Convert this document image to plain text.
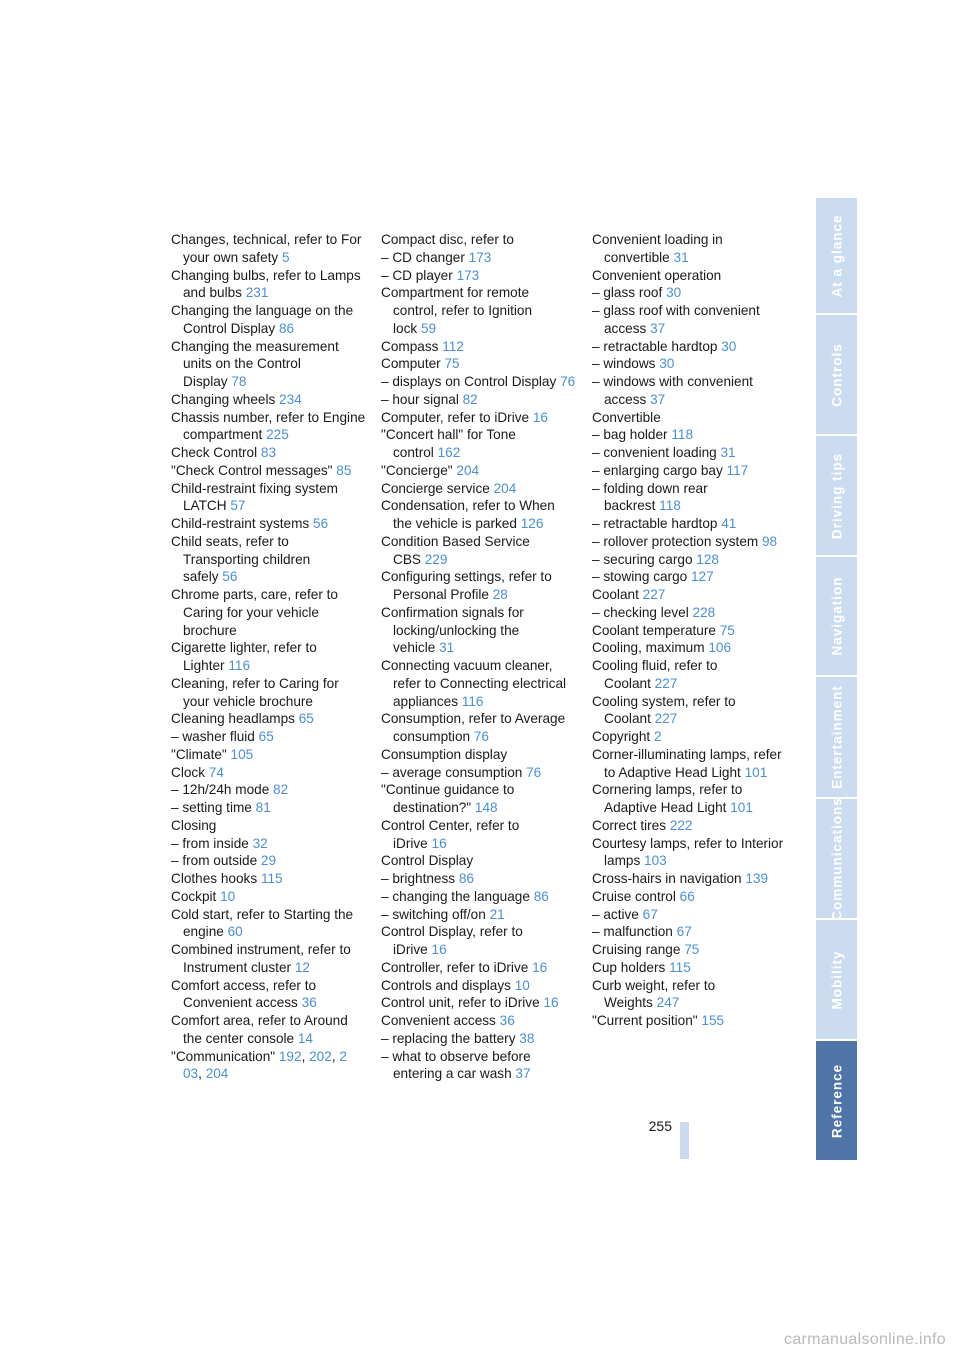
Changes, technical, refer to For your own safety 5

Changing bulbs, refer to Lamps and bulbs 231

Changing the language on the Control Display 86

Changing the measurement units on the Control Display 78

Changing wheels 234

Chassis number, refer to Engine compartment 225

Check Control 83

"Check Control messages" 85

Child-restraint fixing system LATCH 57

Child-restraint systems 56

Child seats, refer to Transporting children safely 56

Chrome parts, care, refer to Caring for your vehicle brochure

Cigarette lighter, refer to Lighter 116

Cleaning, refer to Caring for your vehicle brochure

Cleaning headlamps 65

– washer fluid 65

"Climate" 105

Clock 74

– 12h/24h mode 82

– setting time 81

Closing

– from inside 32

– from outside 29

Clothes hooks 115

Cockpit 10

Cold start, refer to Starting the engine 60

Combined instrument, refer to Instrument cluster 12

Comfort access, refer to Convenient access 36

Comfort area, refer to Around the center console 14

"Communication" 192, 202, 2 03, 204

Compact disc, refer to

– CD changer 173

– CD player 173

Compartment for remote control, refer to Ignition lock 59

Compass 112

Computer 75

– displays on Control Display 76

– hour signal 82

Computer, refer to iDrive 16

"Concert hall" for Tone control 162

"Concierge" 204

Concierge service 204

Condensation, refer to When the vehicle is parked 126

Condition Based Service CBS 229

Configuring settings, refer to Personal Profile 28

Confirmation signals for locking/unlocking the vehicle 31

Connecting vacuum cleaner, refer to Connecting electrical appliances 116

Consumption, refer to Average consumption 76

Consumption display

– average consumption 76

"Continue guidance to destination?" 148

Control Center, refer to iDrive 16

Control Display

– brightness 86

– changing the language 86

– switching off/on 21

Control Display, refer to iDrive 16

Controller, refer to iDrive 16

Controls and displays 10

Control unit, refer to iDrive 16

Convenient access 36

– replacing the battery 38

– what to observe before entering a car wash 37

Convenient loading in convertible 31

Convenient operation

– glass roof 30

– glass roof with convenient access 37

– retractable hardtop 30

– windows 30

– windows with convenient access 37

Convertible

– bag holder 118

– convenient loading 31

– enlarging cargo bay 117

– folding down rear backrest 118

– retractable hardtop 41

– rollover protection system 98

– securing cargo 128

– stowing cargo 127

Coolant 227

– checking level 228

Coolant temperature 75

Cooling, maximum 106

Cooling fluid, refer to Coolant 227

Cooling system, refer to Coolant 227

Copyright 2

Corner-illuminating lamps, refer to Adaptive Head Light 101

Cornering lamps, refer to Adaptive Head Light 101

Correct tires 222

Courtesy lamps, refer to Interior lamps 103

Cross-hairs in navigation 139

Cruise control 66

– active 67

– malfunction 67

Cruising range 75

Cup holders 115

Curb weight, refer to Weights 247

"Current position" 155

At a glance
Controls
Driving tips
Navigation
Entertainment
Communications
Mobility
Reference
255
carmanualsonline.info
